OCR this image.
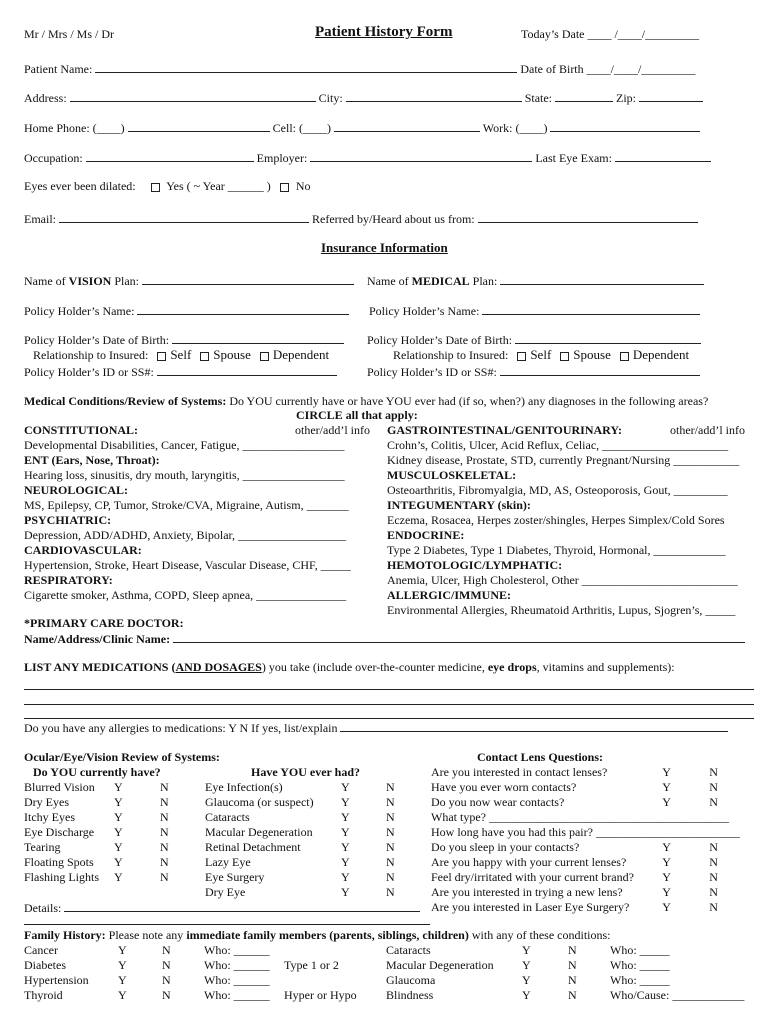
Mr / Mrs / Ms / Dr	Patient History Form	Today’s Date ____ /____/_________
Patient Name:	Date of Birth ____/____/_________
Address:	City:	State:	Zip:
Home Phone: (____)	Cell: (____)	Work: (____)
Occupation:	Employer:	Last Eye Exam:
Eyes ever been dilated:	Yes ( ~ Year ______ ) No
Email:	Referred by/Heard about us from:
Insurance Information
Name of VISION Plan:	Name of MEDICAL Plan:
Policy Holder’s Name:	Policy Holder’s Name:
Policy Holder’s Date of Birth:	Policy Holder’s Date of Birth:
Relationship to Insured: Self Spouse Dependent	Relationship to Insured: Self Spouse Dependent
Policy Holder’s ID or SS#:	Policy Holder’s ID or SS#:
Medical Conditions/Review of Systems: Do YOU currently have or have YOU ever had (if so, when?) any diagnoses in the following areas?
CIRCLE all that apply:
other/add’l info	other/add’l info
CONSTITUTIONAL:
Developmental Disabilities, Cancer, Fatigue, _________________
ENT (Ears, Nose, Throat):
Hearing loss, sinusitis, dry mouth, laryngitis, _________________
NEUROLOGICAL:
MS, Epilepsy, CP, Tumor, Stroke/CVA, Migraine, Autism, _______
PSYCHIATRIC:
Depression, ADD/ADHD, Anxiety, Bipolar, __________________
CARDIOVASCULAR:
Hypertension, Stroke, Heart Disease, Vascular Disease, CHF, _____
RESPIRATORY:
Cigarette smoker, Asthma, COPD, Sleep apnea, _______________
GASTROINTESTINAL/GENITOURINARY:
Crohn’s, Colitis, Ulcer, Acid Reflux, Celiac, _____________________
Kidney disease, Prostate, STD, currently Pregnant/Nursing ___________
MUSCULOSKELETAL:
Osteoarthritis, Fibromyalgia, MD, AS, Osteoporosis, Gout, _________
INTEGUMENTARY (skin):
Eczema, Rosacea, Herpes zoster/shingles, Herpes Simplex/Cold Sores
ENDOCRINE:
Type 2 Diabetes, Type 1 Diabetes, Thyroid, Hormonal, ____________
HEMOTOLOGIC/LYMPHATIC:
Anemia, Ulcer, High Cholesterol, Other __________________________
ALLERGIC/IMMUNE:
Environmental Allergies, Rheumatoid Arthritis, Lupus, Sjogren’s, _____
*PRIMARY CARE DOCTOR:
Name/Address/Clinic Name:
LIST ANY MEDICATIONS (AND DOSAGES) you take (include over-the-counter medicine, eye drops, vitamins and supplements):
Do you have any allergies to medications: Y N If yes, list/explain
Ocular/Eye/Vision Review of Systems:
Do YOU currently have?	Have YOU ever had?
Blurred Vision	Y	N
Dry Eyes	Y	N
Itchy Eyes	Y	N
Eye Discharge	Y	N
Tearing	Y	N
Floating Spots	Y	N
Flashing Lights	Y	N
Eye Infection(s)	Y	N
Glaucoma (or suspect)	Y	N
Cataracts	Y	N
Macular Degeneration	Y	N
Retinal Detachment	Y	N
Lazy Eye	Y	N
Eye Surgery	Y	N
Dry Eye	Y	N
Details:
Contact Lens Questions:
Are you interested in contact lenses?	Y	N
Have you ever worn contacts?	Y	N
Do you now wear contacts?	Y	N
What type? ________________________________________		
How long have you had this pair? ________________________		
Do you sleep in your contacts?	Y	N
Are you happy with your current lenses?	Y	N
Feel dry/irritated with your current brand?	Y	N
Are you interested in trying a new lens?	Y	N
Are you interested in Laser Eye Surgery?	Y	N
Family History: Please note any immediate family members (parents, siblings, children) with any of these conditions:
Cancer	Y	N	Who: ______	
Diabetes	Y	N	Who: ______	Type 1 or 2
Hypertension	Y	N	Who: ______	
Thyroid	Y	N	Who: ______	Hyper or Hypo
Cataracts	Y	N	Who: _____
Macular Degeneration	Y	N	Who: _____
Glaucoma	Y	N	Who: _____
Blindness	Y	N	Who/Cause: ____________
